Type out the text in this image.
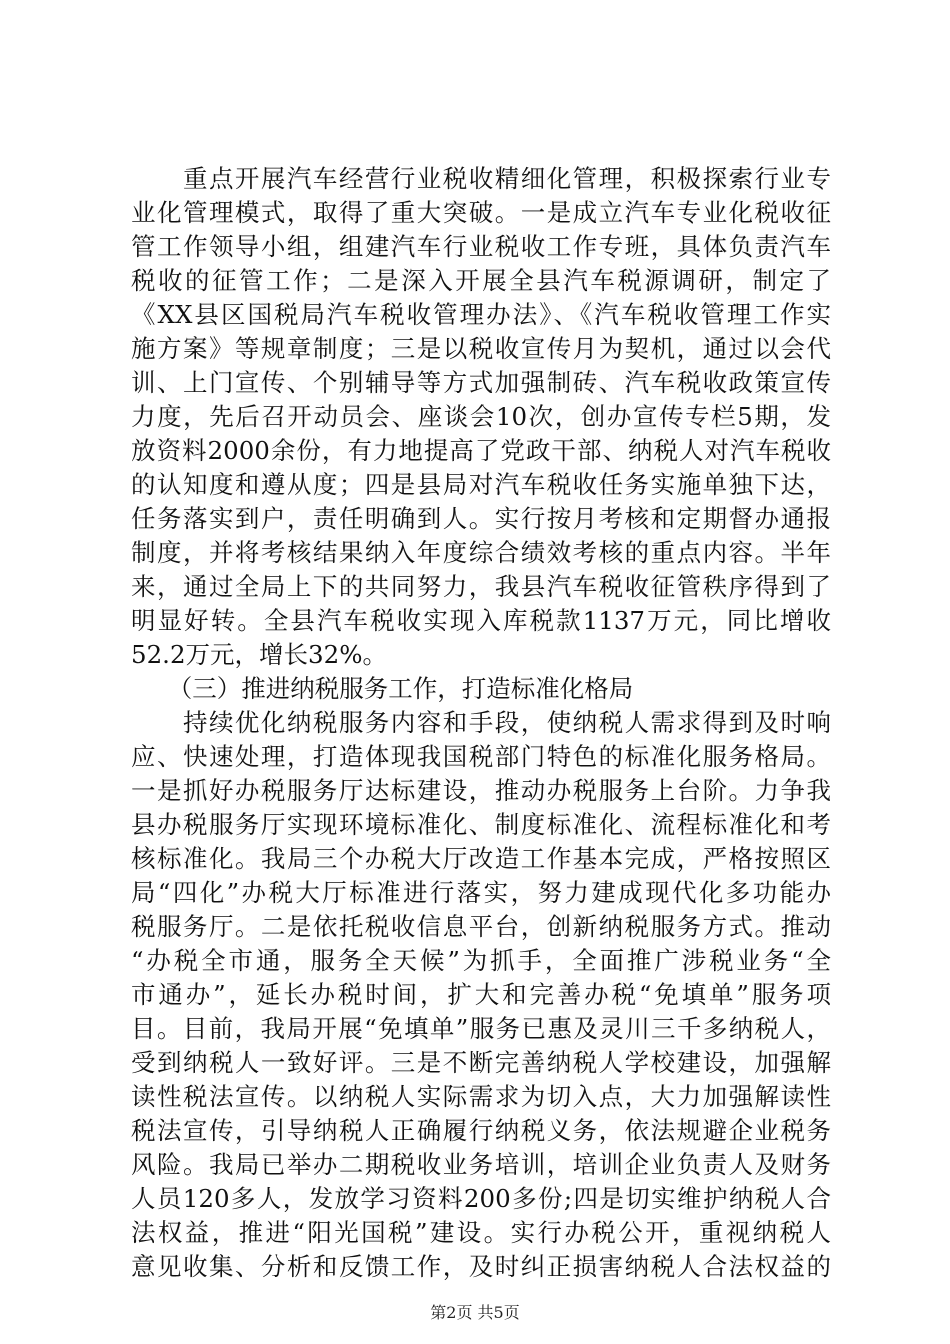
　　重点开展汽车经营行业税收精细化管理，积极探索行业专
业化管理模式，取得了重大突破。一是成立汽车专业化税收征
管工作领导小组，组建汽车行业税收工作专班，具体负责汽车
税收的征管工作；二是深入开展全县汽车税源调研，制定了
《XX县区国税局汽车税收管理办法》、《汽车税收管理工作实
施方案》等规章制度；三是以税收宣传月为契机，通过以会代
训、上门宣传、个别辅导等方式加强制砖、汽车税收政策宣传
力度，先后召开动员会、座谈会10次，创办宣传专栏5期，发
放资料2000余份，有力地提高了党政干部、纳税人对汽车税收
的认知度和遵从度；四是县局对汽车税收任务实施单独下达，
任务落实到户，责任明确到人。实行按月考核和定期督办通报
制度，并将考核结果纳入年度综合绩效考核的重点内容。半年
来，通过全局上下的共同努力，我县汽车税收征管秩序得到了
明显好转。全县汽车税收实现入库税款1137万元，同比增收
52.2万元，增长32%。
　　（三）推进纳税服务工作，打造标准化格局
　　持续优化纳税服务内容和手段，使纳税人需求得到及时响
应、快速处理，打造体现我国税部门特色的标准化服务格局。
一是抓好办税服务厅达标建设，推动办税服务上台阶。力争我
县办税服务厅实现环境标准化、制度标准化、流程标准化和考
核标准化。我局三个办税大厅改造工作基本完成，严格按照区
局“四化”办税大厅标准进行落实，努力建成现代化多功能办
税服务厅。二是依托税收信息平台，创新纳税服务方式。推动
“办税全市通，服务全天候”为抓手，全面推广涉税业务“全
市通办”，延长办税时间，扩大和完善办税“免填单”服务项
目。目前，我局开展“免填单”服务已惠及灵川三千多纳税人，
受到纳税人一致好评。三是不断完善纳税人学校建设，加强解
读性税法宣传。以纳税人实际需求为切入点，大力加强解读性
税法宣传，引导纳税人正确履行纳税义务，依法规避企业税务
风险。我局已举办二期税收业务培训，培训企业负责人及财务
人员120多人，发放学习资料200多份;四是切实维护纳税人合
法权益，推进“阳光国税”建设。实行办税公开，重视纳税人
意见收集、分析和反馈工作，及时纠正损害纳税人合法权益的
第2页 共5页
